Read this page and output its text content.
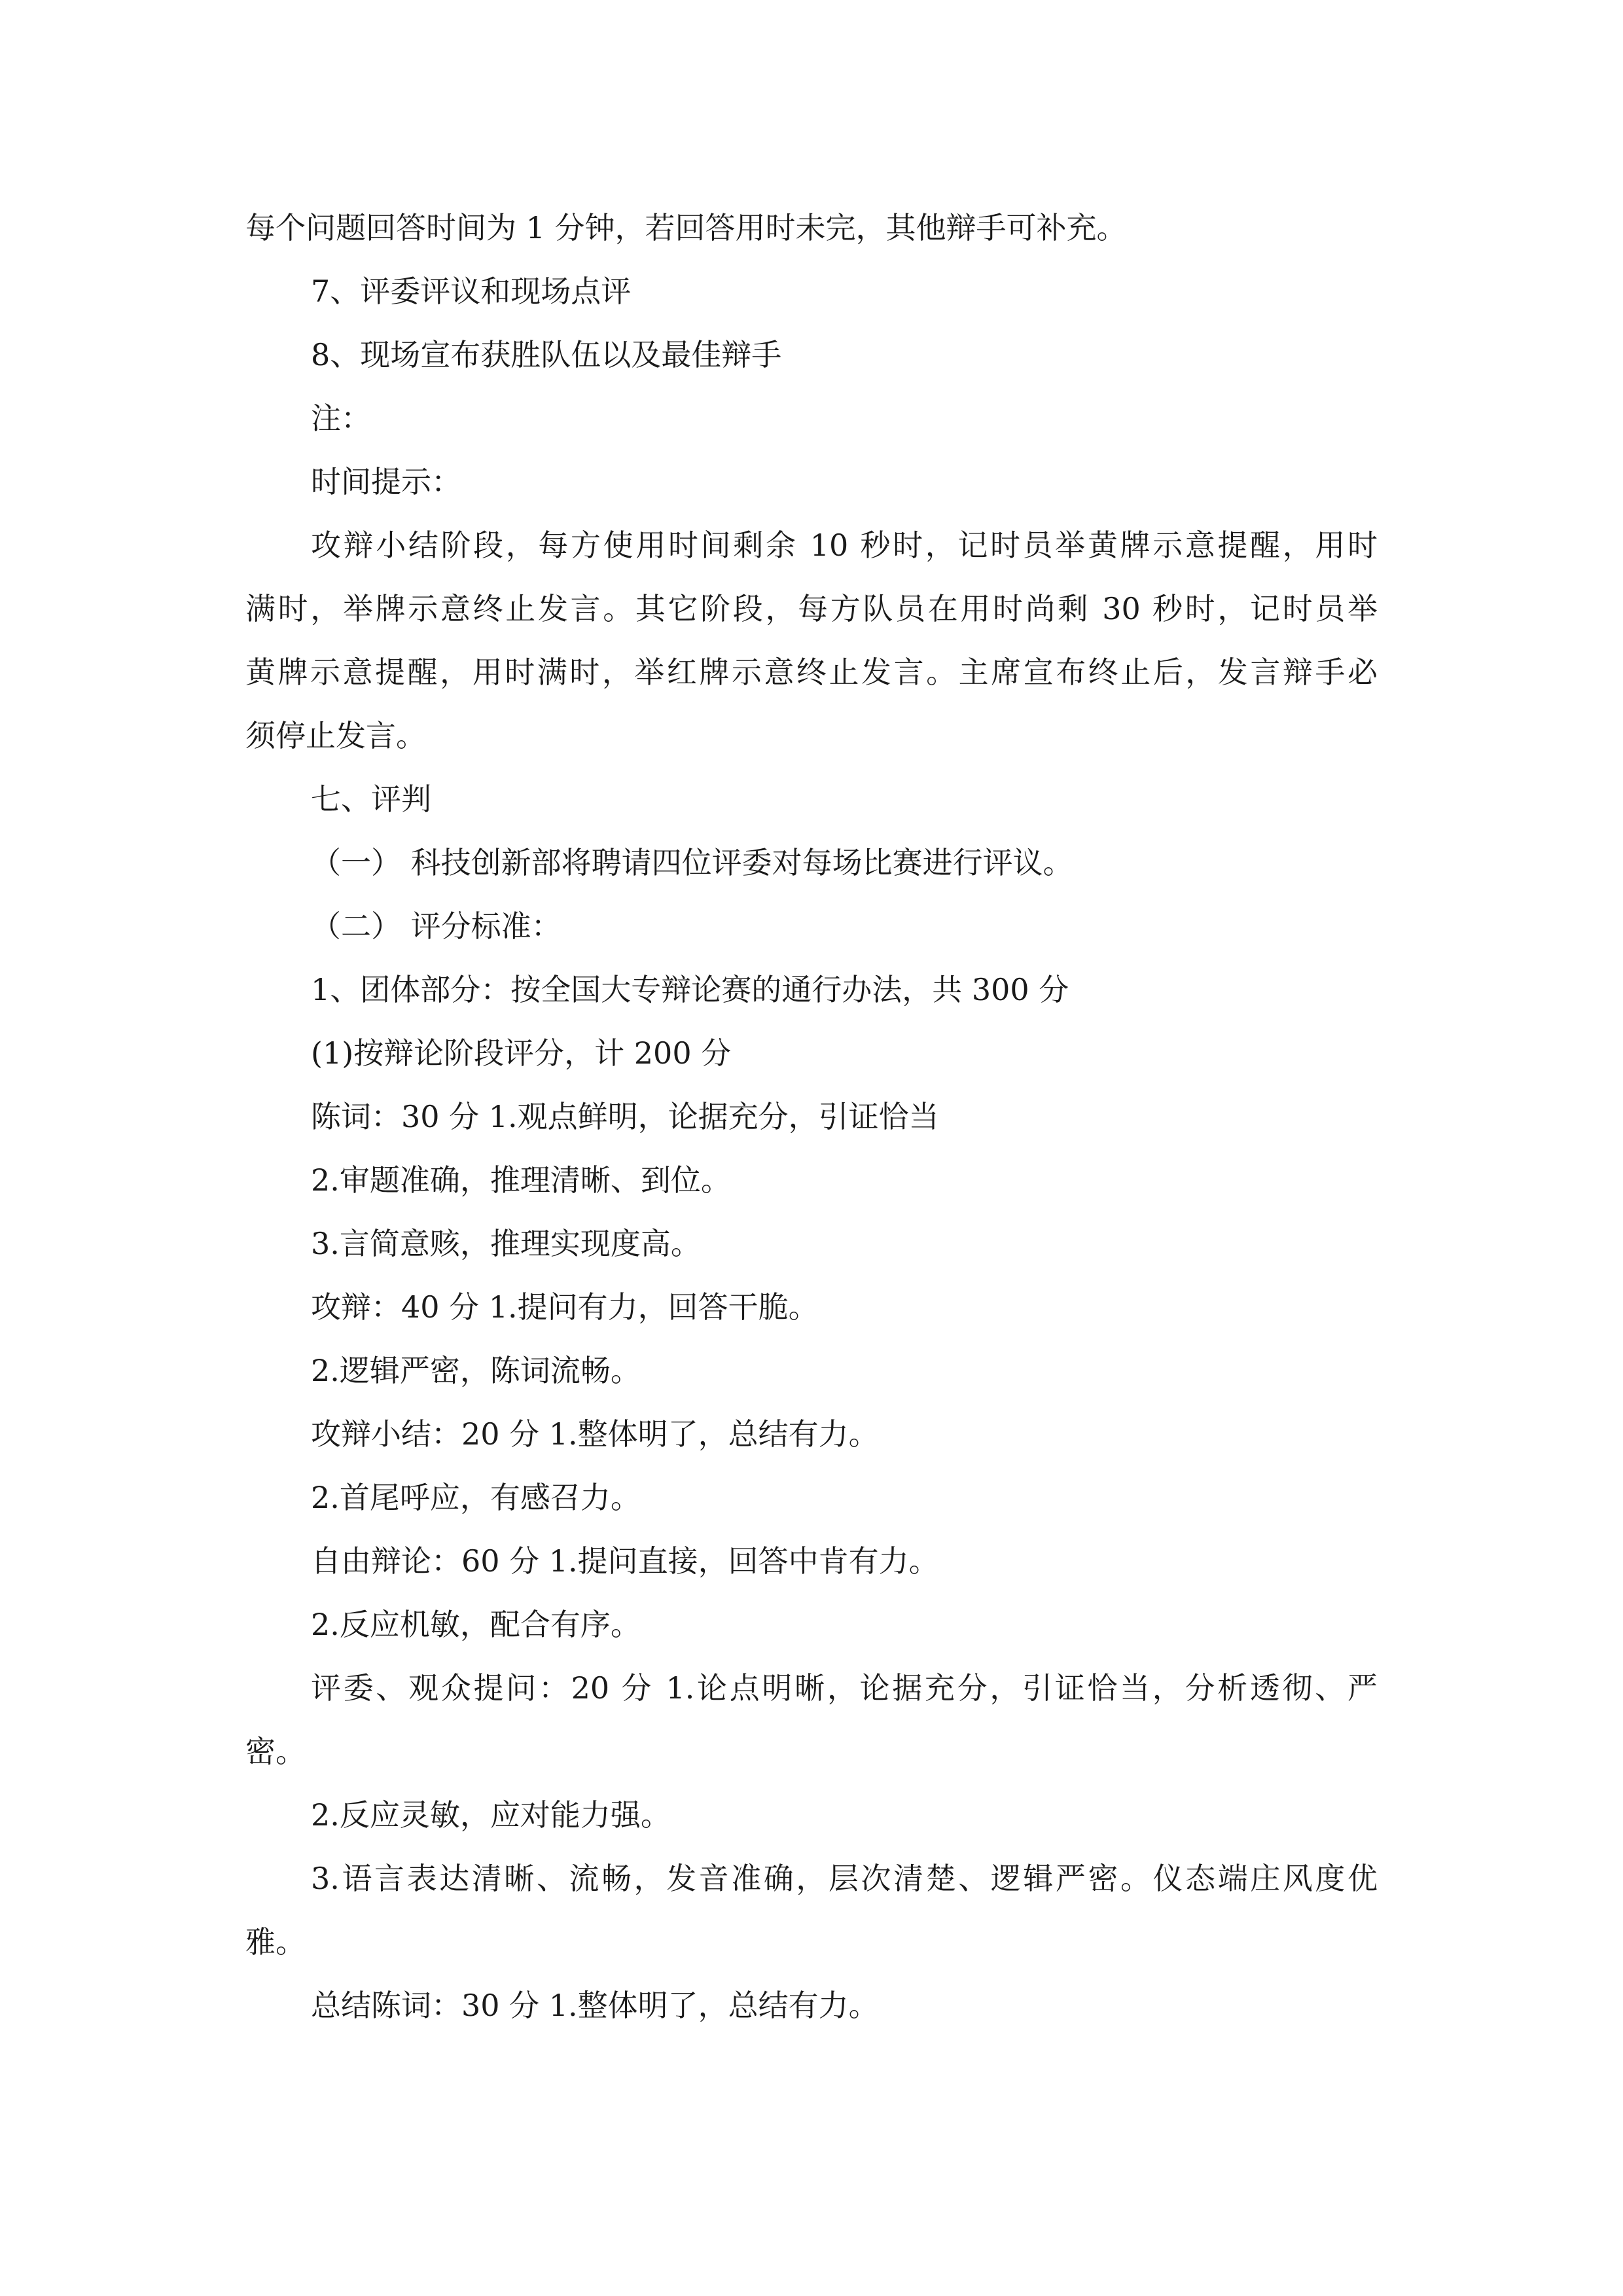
每个问题回答时间为 1 分钟，若回答用时未完，其他辩手可补充。
7、评委评议和现场点评
8、现场宣布获胜队伍以及最佳辩手
注：
时间提示：
攻辩小结阶段，每方使用时间剩余 10 秒时，记时员举黄牌示意提醒，用时
满时，举牌示意终止发言。其它阶段，每方队员在用时尚剩 30 秒时，记时员举
黄牌示意提醒，用时满时，举红牌示意终止发言。主席宣布终止后，发言辩手必
须停止发言。
七、评判
（一） 科技创新部将聘请四位评委对每场比赛进行评议。
（二） 评分标准：
1、团体部分：按全国大专辩论赛的通行办法，共 300 分
(1)按辩论阶段评分，计 200 分
陈词：30 分 1.观点鲜明，论据充分，引证恰当
2.审题准确，推理清晰、到位。
3.言简意赅，推理实现度高。
攻辩：40 分 1.提问有力，回答干脆。
2.逻辑严密，陈词流畅。
攻辩小结：20 分 1.整体明了，总结有力。
2.首尾呼应，有感召力。
自由辩论：60 分 1.提问直接，回答中肯有力。
2.反应机敏，配合有序。
评委、观众提问：20 分 1.论点明晰，论据充分，引证恰当，分析透彻、严
密。
2.反应灵敏，应对能力强。
3.语言表达清晰、流畅，发音准确，层次清楚、逻辑严密。仪态端庄风度优
雅。
总结陈词：30 分 1.整体明了，总结有力。
